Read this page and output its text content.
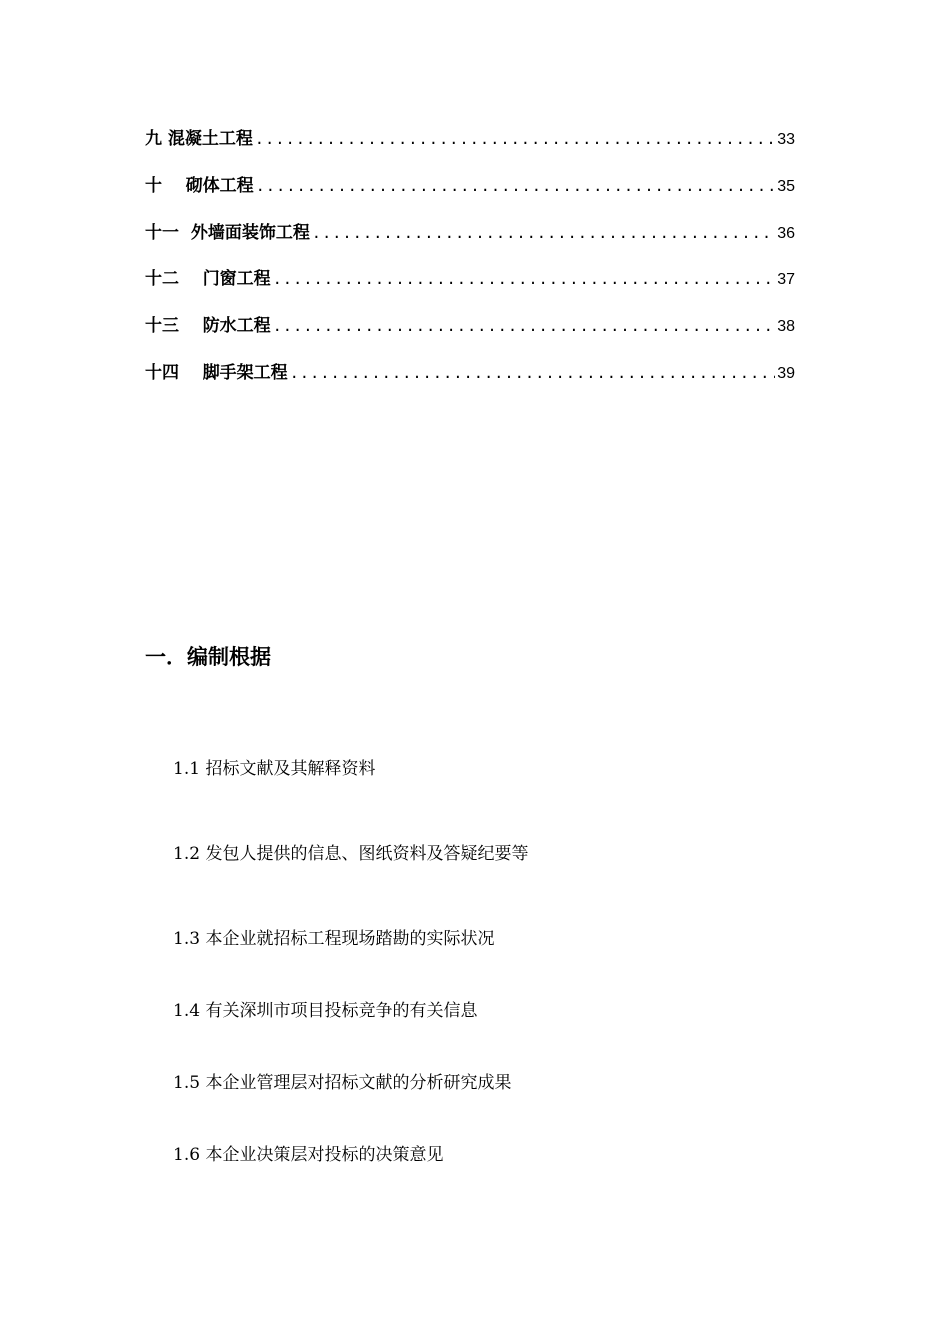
九 混凝土工程 .....	33
十 砌体工程 .....	35
十一 外墙面装饰工程 .....	36
十二 门窗工程 .....	37
十三 防水工程 .....	38
十四 脚手架工程 .....	39
一．编制根据
1.1 招标文献及其解释资料
1.2 发包人提供的信息、图纸资料及答疑纪要等
1.3 本企业就招标工程现场踏勘的实际状况
1.4 有关深圳市项目投标竞争的有关信息
1.5 本企业管理层对招标文献的分析研究成果
1.6 本企业决策层对投标的决策意见
